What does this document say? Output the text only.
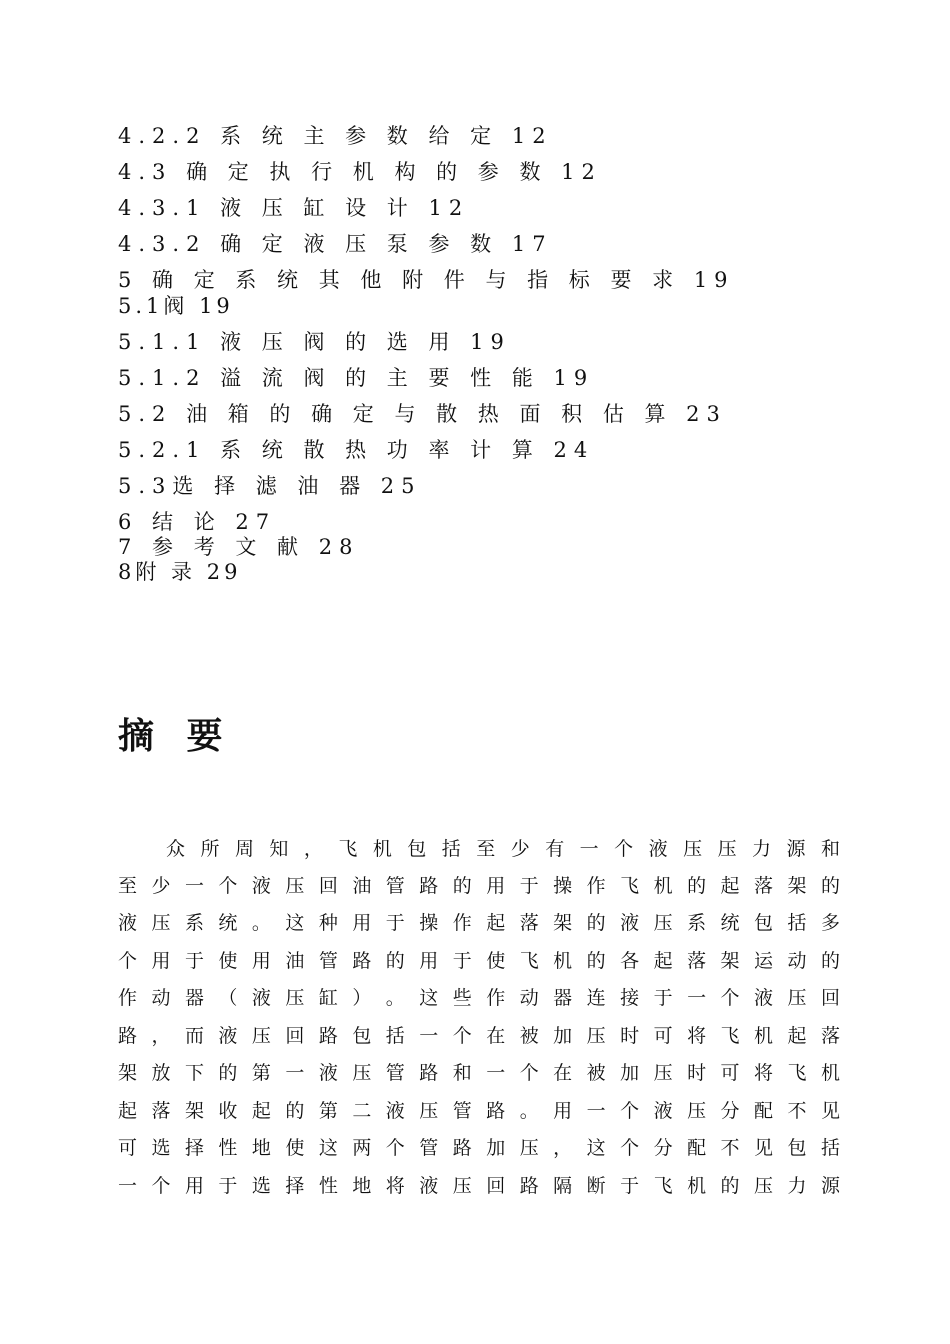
4.2.2 系 统 主 参 数 给 定 12
4.3 确 定 执 行 机 构 的 参 数 12
4.3.1 液 压 缸 设 计 12
4.3.2 确 定 液 压 泵 参 数 17
5 确 定 系 统 其 他 附 件 与 指 标 要 求 19
5.1阀 19
5.1.1 液 压 阀 的 选 用 19
5.1.2 溢 流 阀 的 主 要 性 能 19
5.2 油 箱 的 确 定 与 散 热 面 积 估 算 23
5.2.1 系 统 散 热 功 率 计 算 24
5.3选 择 滤 油 器 25
6 结 论 27
7 参 考 文 献 28
8附 录 29
摘 要
众 所 周 知 ， 飞 机 包 括 至 少 有 一 个 液 压 压 力 源 和
至 少 一 个 液 压 回 油 管 路 的 用 于 操 作 飞 机 的 起 落 架 的
液 压 系 统 。 这 种 用 于 操 作 起 落 架 的 液 压 系 统 包 括 多
个 用 于 使 用 油 管 路 的 用 于 使 飞 机 的 各 起 落 架 运 动 的
作 动 器 （ 液 压 缸 ） 。 这 些 作 动 器 连 接 于 一 个 液 压 回
路 ， 而 液 压 回 路 包 括 一 个 在 被 加 压 时 可 将 飞 机 起 落
架 放 下 的 第 一 液 压 管 路 和 一 个 在 被 加 压 时 可 将 飞 机
起 落 架 收 起 的 第 二 液 压 管 路 。 用 一 个 液 压 分 配 不 见
可 选 择 性 地 使 这 两 个 管 路 加 压 ， 这 个 分 配 不 见 包 括
一 个 用 于 选 择 性 地 将 液 压 回 路 隔 断 于 飞 机 的 压 力 源
